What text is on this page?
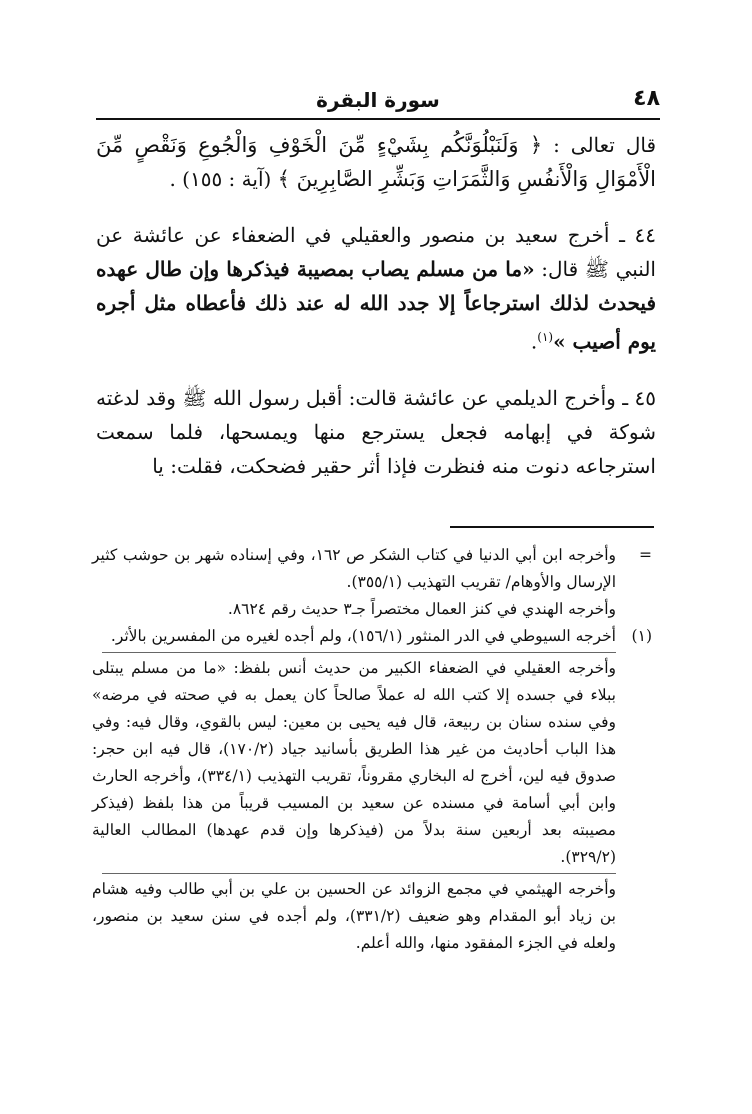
٤٨
سورة البقرة

قال تعالى : ﴿ وَلَنَبْلُوَنَّكُم بِشَيْءٍ مِّنَ الْخَوْفِ وَالْجُوعِ وَنَقْصٍ مِّنَ الْأَمْوَالِ وَالْأَنفُسِ وَالثَّمَرَاتِ وَبَشِّرِ الصَّابِرِينَ ﴾ (آية : ١٥٥) .

٤٤ ـ أخرج سعيد بن منصور والعقيلي في الضعفاء عن عائشة عن النبي ﷺ قال: «ما من مسلم يصاب بمصيبة فيذكرها وإن طال عهده فيحدث لذلك استرجاعاً إلا جدد الله له عند ذلك فأعطاه مثل أجره يوم أصيب »$^{(١)}$.

٤٥ ـ وأخرج الديلمي عن عائشة قالت: أقبل رسول الله ﷺ وقد لدغته شوكة في إبهامه فجعل يسترجع منها ويمسحها، فلما سمعت استرجاعه دنوت منه فنظرت فإذا أثر حقير فضحكت، فقلت: يا

=

وأخرجه ابن أبي الدنيا في كتاب الشكر ص ١٦٢، وفي إسناده شهر بن حوشب كثير الإرسال والأوهام/ تقريب التهذيب (٣٥٥/١).

وأخرجه الهندي في كنز العمال مختصراً جـ٣ حديث رقم ٨٦٢٤.

(١)

أخرجه السيوطي في الدر المنثور (١٥٦/١)، ولم أجده لغيره من المفسرين بالأثر.

وأخرجه العقيلي في الضعفاء الكبير من حديث أنس بلفظ: «ما من مسلم يبتلى ببلاء في جسده إلا كتب الله له عملاً صالحاً كان يعمل به في صحته في مرضه» وفي سنده سنان بن ربيعة، قال فيه يحيى بن معين: ليس بالقوي، وقال فيه: وفي هذا الباب أحاديث من غير هذا الطريق بأسانيد جياد (١٧٠/٢)، قال فيه ابن حجر: صدوق فيه لين، أخرج له البخاري مقروناً، تقريب التهذيب (٣٣٤/١)، وأخرجه الحارث وابن أبي أسامة في مسنده عن سعيد بن المسيب قريباً من هذا بلفظ (فيذكر مصيبته بعد أربعين سنة بدلاً من (فيذكرها وإن قدم عهدها) المطالب العالية (٣٢٩/٢).

وأخرجه الهيثمي في مجمع الزوائد عن الحسين بن علي بن أبي طالب وفيه هشام بن زياد أبو المقدام وهو ضعيف (٣٣١/٢)، ولم أجده في سنن سعيد بن منصور، ولعله في الجزء المفقود منها، والله أعلم.
